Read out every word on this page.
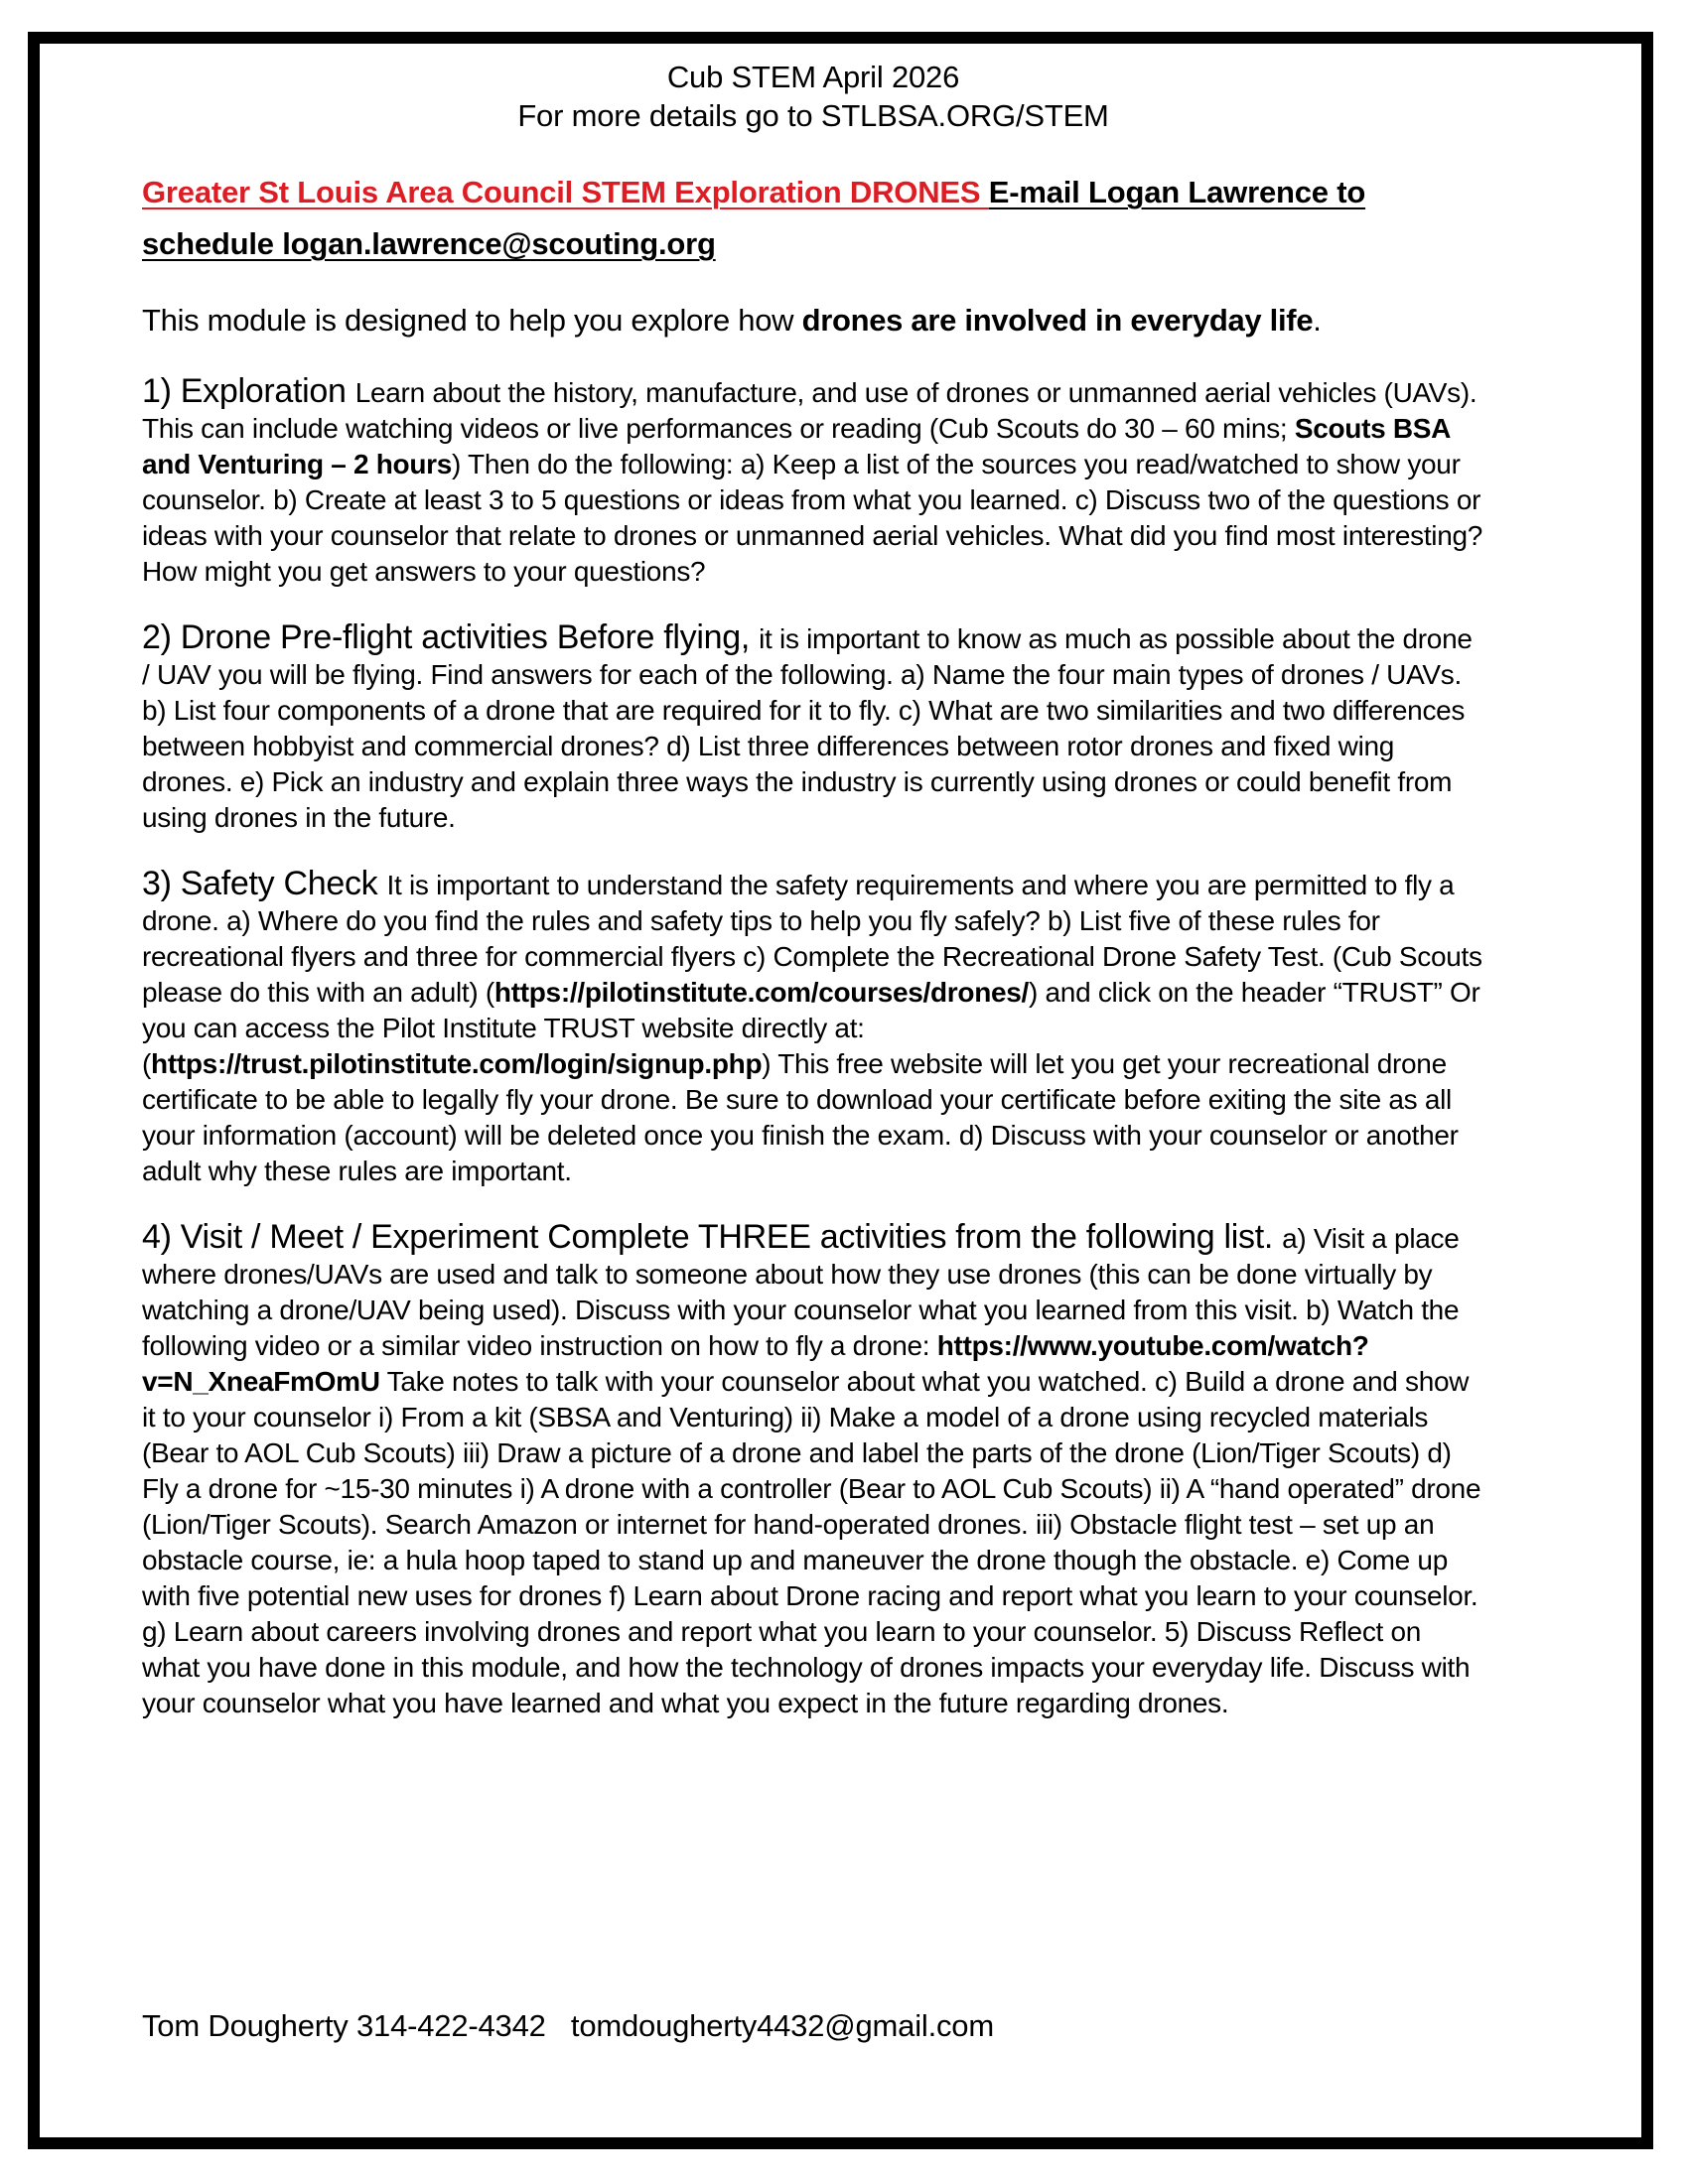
Cub STEM April 2026
For more details go to STLBSA.ORG/STEM

Greater St Louis Area Council STEM Exploration DRONES E-mail Logan Lawrence to schedule logan.lawrence@scouting.org

This module is designed to help you explore how drones are involved in everyday life.

1) Exploration Learn about the history, manufacture, and use of drones or unmanned aerial vehicles (UAVs). This can include watching videos or live performances or reading (Cub Scouts do 30 – 60 mins; Scouts BSA and Venturing – 2 hours) Then do the following: a) Keep a list of the sources you read/watched to show your counselor. b) Create at least 3 to 5 questions or ideas from what you learned. c) Discuss two of the questions or ideas with your counselor that relate to drones or unmanned aerial vehicles. What did you find most interesting? How might you get answers to your questions?

2) Drone Pre-flight activities Before flying, it is important to know as much as possible about the drone / UAV you will be flying. Find answers for each of the following. a) Name the four main types of drones / UAVs. b) List four components of a drone that are required for it to fly. c) What are two similarities and two differences between hobbyist and commercial drones? d) List three differences between rotor drones and fixed wing drones. e) Pick an industry and explain three ways the industry is currently using drones or could benefit from using drones in the future.

3) Safety Check It is important to understand the safety requirements and where you are permitted to fly a drone. a) Where do you find the rules and safety tips to help you fly safely? b) List five of these rules for recreational flyers and three for commercial flyers c) Complete the Recreational Drone Safety Test. (Cub Scouts please do this with an adult) (https://pilotinstitute.com/courses/drones/) and click on the header “TRUST” Or you can access the Pilot Institute TRUST website directly at: (https://trust.pilotinstitute.com/login/signup.php) This free website will let you get your recreational drone certificate to be able to legally fly your drone. Be sure to download your certificate before exiting the site as all your information (account) will be deleted once you finish the exam. d) Discuss with your counselor or another adult why these rules are important.

4) Visit / Meet / Experiment Complete THREE activities from the following list. a) Visit a place where drones/UAVs are used and talk to someone about how they use drones (this can be done virtually by watching a drone/UAV being used). Discuss with your counselor what you learned from this visit. b) Watch the following video or a similar video instruction on how to fly a drone: https://www.youtube.com/watch?v=N_XneaFmOmU Take notes to talk with your counselor about what you watched. c) Build a drone and show it to your counselor i) From a kit (SBSA and Venturing) ii) Make a model of a drone using recycled materials (Bear to AOL Cub Scouts) iii) Draw a picture of a drone and label the parts of the drone (Lion/Tiger Scouts) d) Fly a drone for ~15-30 minutes i) A drone with a controller (Bear to AOL Cub Scouts) ii) A “hand operated” drone (Lion/Tiger Scouts). Search Amazon or internet for hand-operated drones. iii) Obstacle flight test – set up an obstacle course, ie: a hula hoop taped to stand up and maneuver the drone though the obstacle. e) Come up with five potential new uses for drones f) Learn about Drone racing and report what you learn to your counselor. g) Learn about careers involving drones and report what you learn to your counselor. 5) Discuss Reflect on what you have done in this module, and how the technology of drones impacts your everyday life. Discuss with your counselor what you have learned and what you expect in the future regarding drones.

Tom Dougherty 314-422-4342   tomdougherty4432@gmail.com
